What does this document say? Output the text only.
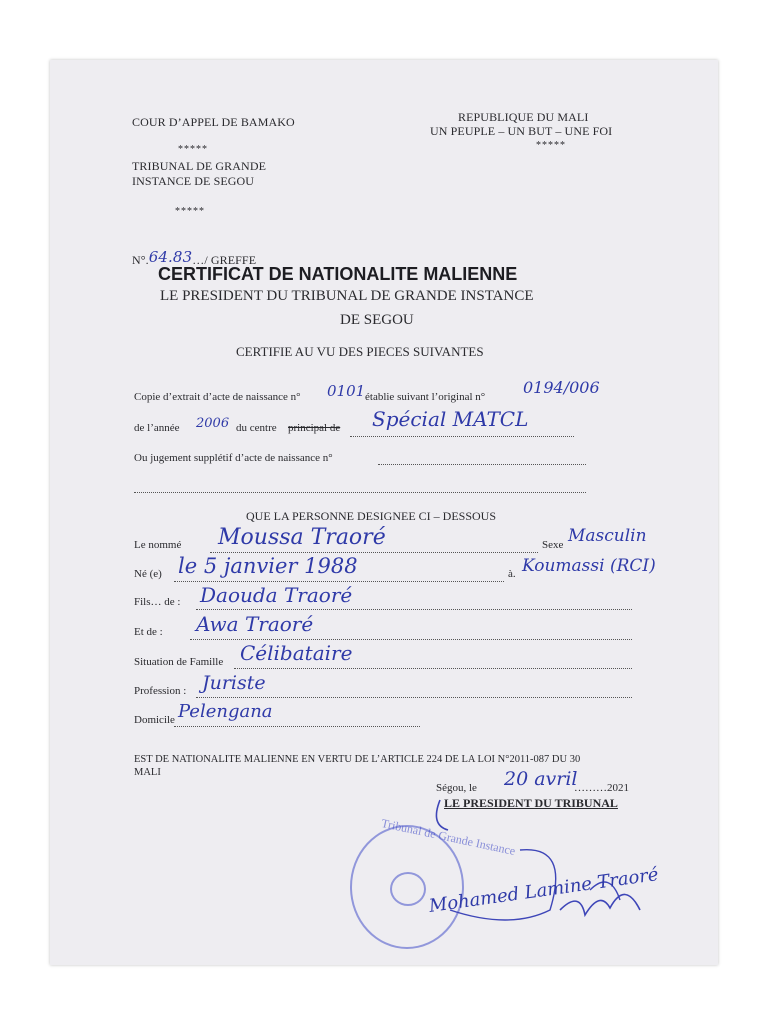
COUR D’APPEL DE BAMAKO
*****
TRIBUNAL DE GRANDE
INSTANCE DE SEGOU
*****
REPUBLIQUE DU MALI
UN PEUPLE – UN BUT – UNE FOI
*****
N°.64.83…/ GREFFE
CERTIFICAT DE NATIONALITE MALIENNE
LE PRESIDENT DU TRIBUNAL DE GRANDE INSTANCE
DE SEGOU
CERTIFIE AU VU DES PIECES SUIVANTES
Copie d’extrait d’acte de naissance n° 0101 établie suivant l’original n° 0194/006
de l’année 2006 du centre principal de Spécial MATCL
Ou jugement supplétif d’acte de naissance n°
QUE LA PERSONNE DESIGNEE CI – DESSOUS
Le nommé Moussa Traoré	Sexe Masculin
Né (e) le 5 janvier 1988	à. Koumassi (RCI)
Fils… de : Daouda Traoré
Et de : Awa Traoré
Situation de Famille Célibataire
Profession : Juriste
Domicile Pelengana
EST DE NATIONALITE MALIENNE EN VERTU DE L’ARTICLE 224 DE LA LOI N°2011-087 DU 30
MALI
Ségou, le 20 avril
………2021
LE PRESIDENT DU TRIBUNAL
Tribunal de Grande Instance
Mohamed Lamine Traoré
